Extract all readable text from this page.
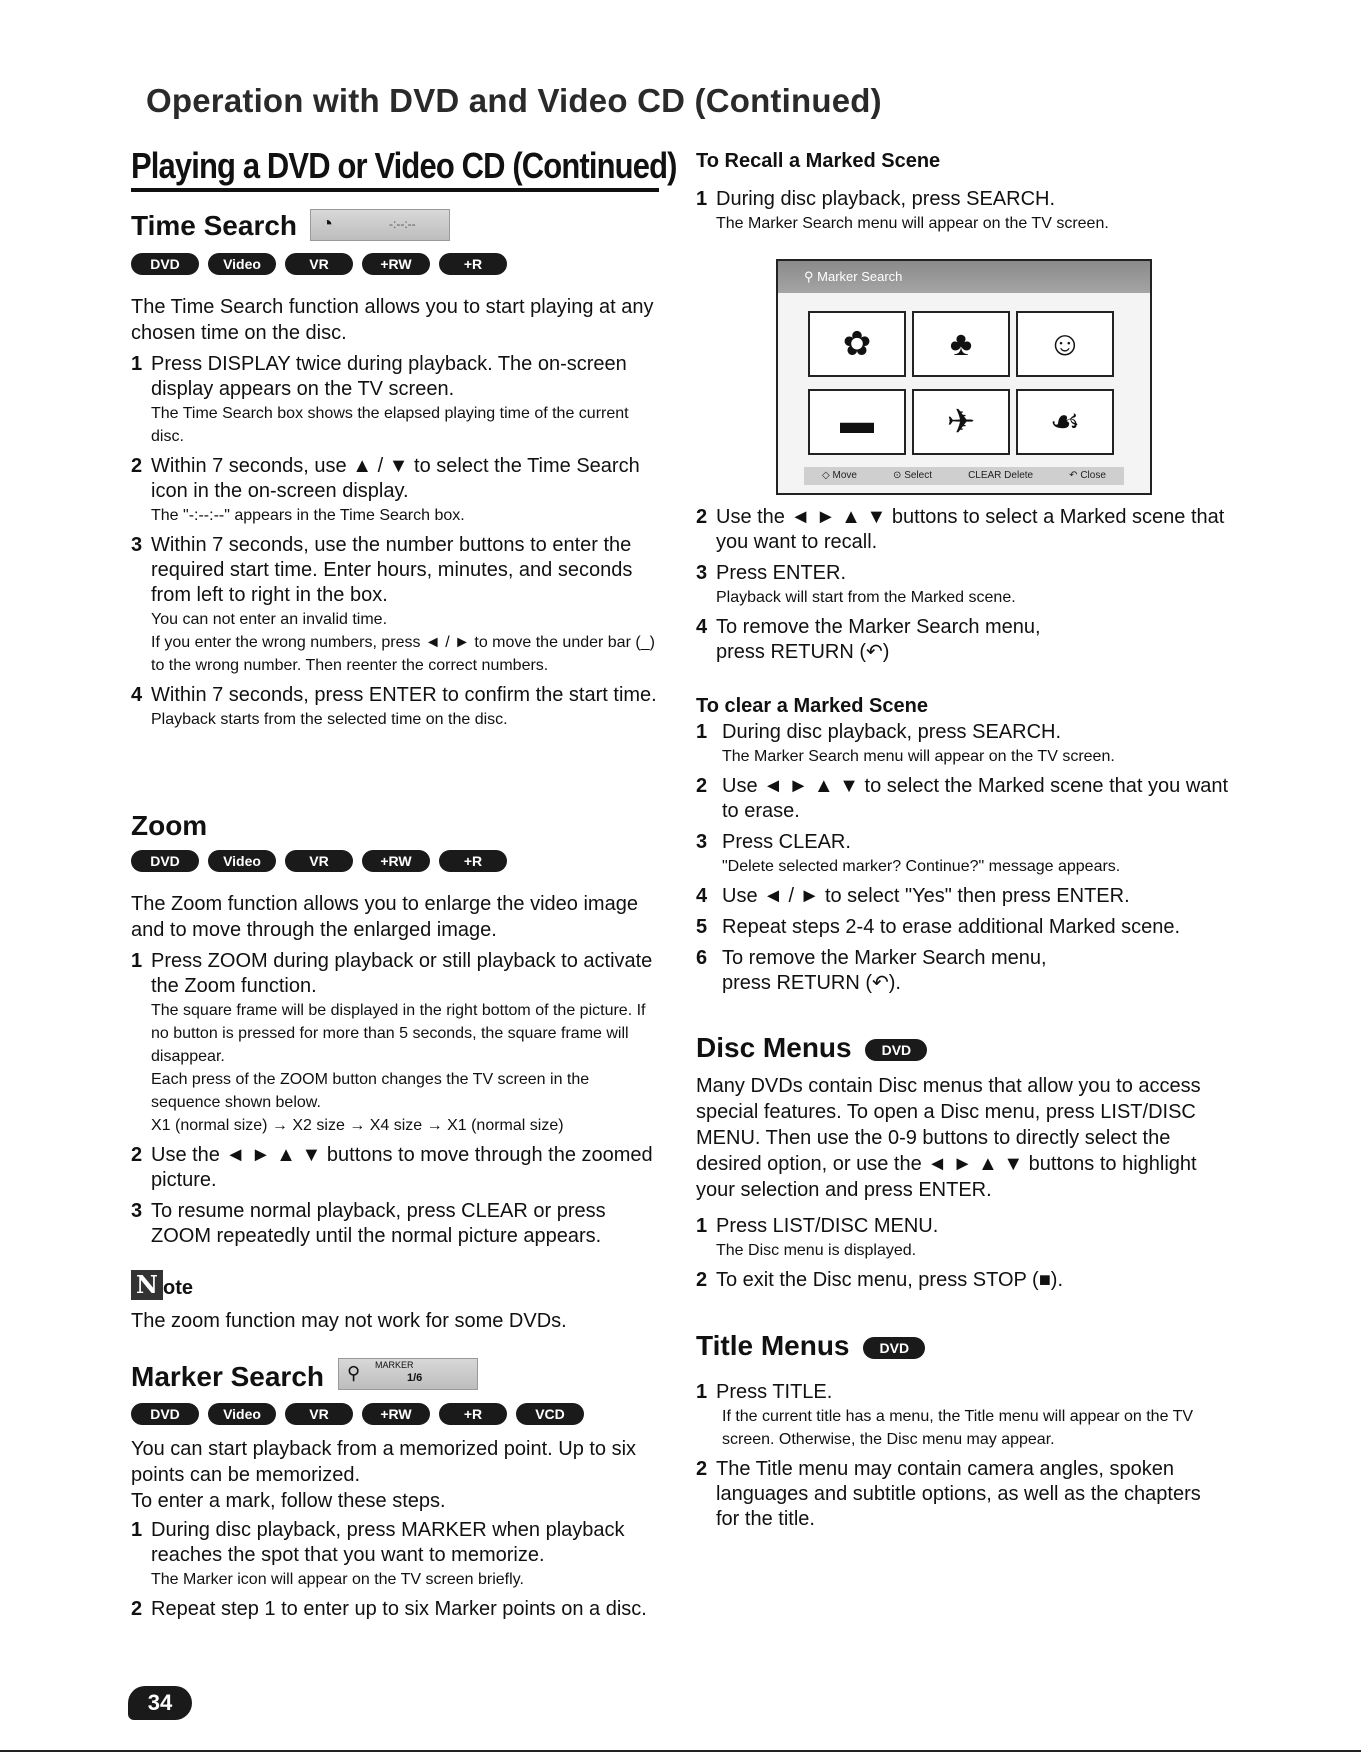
Operation with DVD and Video CD (Continued)
Playing a DVD or Video CD (Continued)
Time Search ◔	-:--:--
DVD	Video	VR	+RW	+R
The Time Search function allows you to start playing at any chosen time on the disc.
1 Press DISPLAY twice during playback. The on-screen display appears on the TV screen.
The Time Search box shows the elapsed playing time of the current disc.
2 Within 7 seconds, use ▲ / ▼ to select the Time Search icon in the on-screen display.
The "-:--:--" appears in the Time Search box.
3 Within 7 seconds, use the number buttons to enter the required start time. Enter hours, minutes, and seconds from left to right in the box.
You can not enter an invalid time.
If you enter the wrong numbers, press ◄ / ► to move the under bar (_) to the wrong number. Then reenter the correct numbers.
4 Within 7 seconds, press ENTER to confirm the start time.
Playback starts from the selected time on the disc.
Zoom
DVD	Video	VR	+RW	+R
The Zoom function allows you to enlarge the video image and to move through the enlarged image.
1 Press ZOOM during playback or still playback to activate the Zoom function.
The square frame will be displayed in the right bottom of the picture. If no button is pressed for more than 5 seconds, the square frame will disappear.
Each press of the ZOOM button changes the TV screen in the sequence shown below.
X1 (normal size) → X2 size → X4 size → X1 (normal size)
2 Use the ◄ ► ▲ ▼ buttons to move through the zoomed picture.
3 To resume normal playback, press CLEAR or press ZOOM repeatedly until the normal picture appears.
N ote
The zoom function may not work for some DVDs.
Marker Search ⚲ MARKER
1/6
DVD	Video	VR	+RW	+R	VCD
You can start playback from a memorized point. Up to six points can be memorized.
To enter a mark, follow these steps.
1 During disc playback, press MARKER when playback reaches the spot that you want to memorize.
The Marker icon will appear on the TV screen briefly.
2 Repeat step 1 to enter up to six Marker points on a disc.
34
To Recall a Marked Scene
1 During disc playback, press SEARCH.
The Marker Search menu will appear on the TV screen.
⚲ Marker Search
✿	♣	☺
▬	✈	☙
◇ Move	⊙ Select	CLEAR Delete	↶ Close
2 Use the ◄ ► ▲ ▼ buttons to select a Marked scene that you want to recall.
3 Press ENTER.
Playback will start from the Marked scene.
4 To remove the Marker Search menu, press RETURN (↶)
To clear a Marked Scene
1 During disc playback, press SEARCH.
The Marker Search menu will appear on the TV screen.
2 Use ◄ ► ▲ ▼ to select the Marked scene that you want to erase.
3 Press CLEAR.
"Delete selected marker? Continue?" message appears.
4 Use ◄ / ► to select "Yes" then press ENTER.
5 Repeat steps 2-4 to erase additional Marked scene.
6 To remove the Marker Search menu, press RETURN (↶).
Disc Menus DVD
Many DVDs contain Disc menus that allow you to access special features. To open a Disc menu, press LIST/DISC MENU. Then use the 0-9 buttons to directly select the desired option, or use the ◄ ► ▲ ▼ buttons to highlight your selection and press ENTER.
1 Press LIST/DISC MENU.
The Disc menu is displayed.
2 To exit the Disc menu, press STOP (■).
Title Menus DVD
1 Press TITLE.
If the current title has a menu, the Title menu will appear on the TV screen. Otherwise, the Disc menu may appear.
2 The Title menu may contain camera angles, spoken languages and subtitle options, as well as the chapters for the title.
